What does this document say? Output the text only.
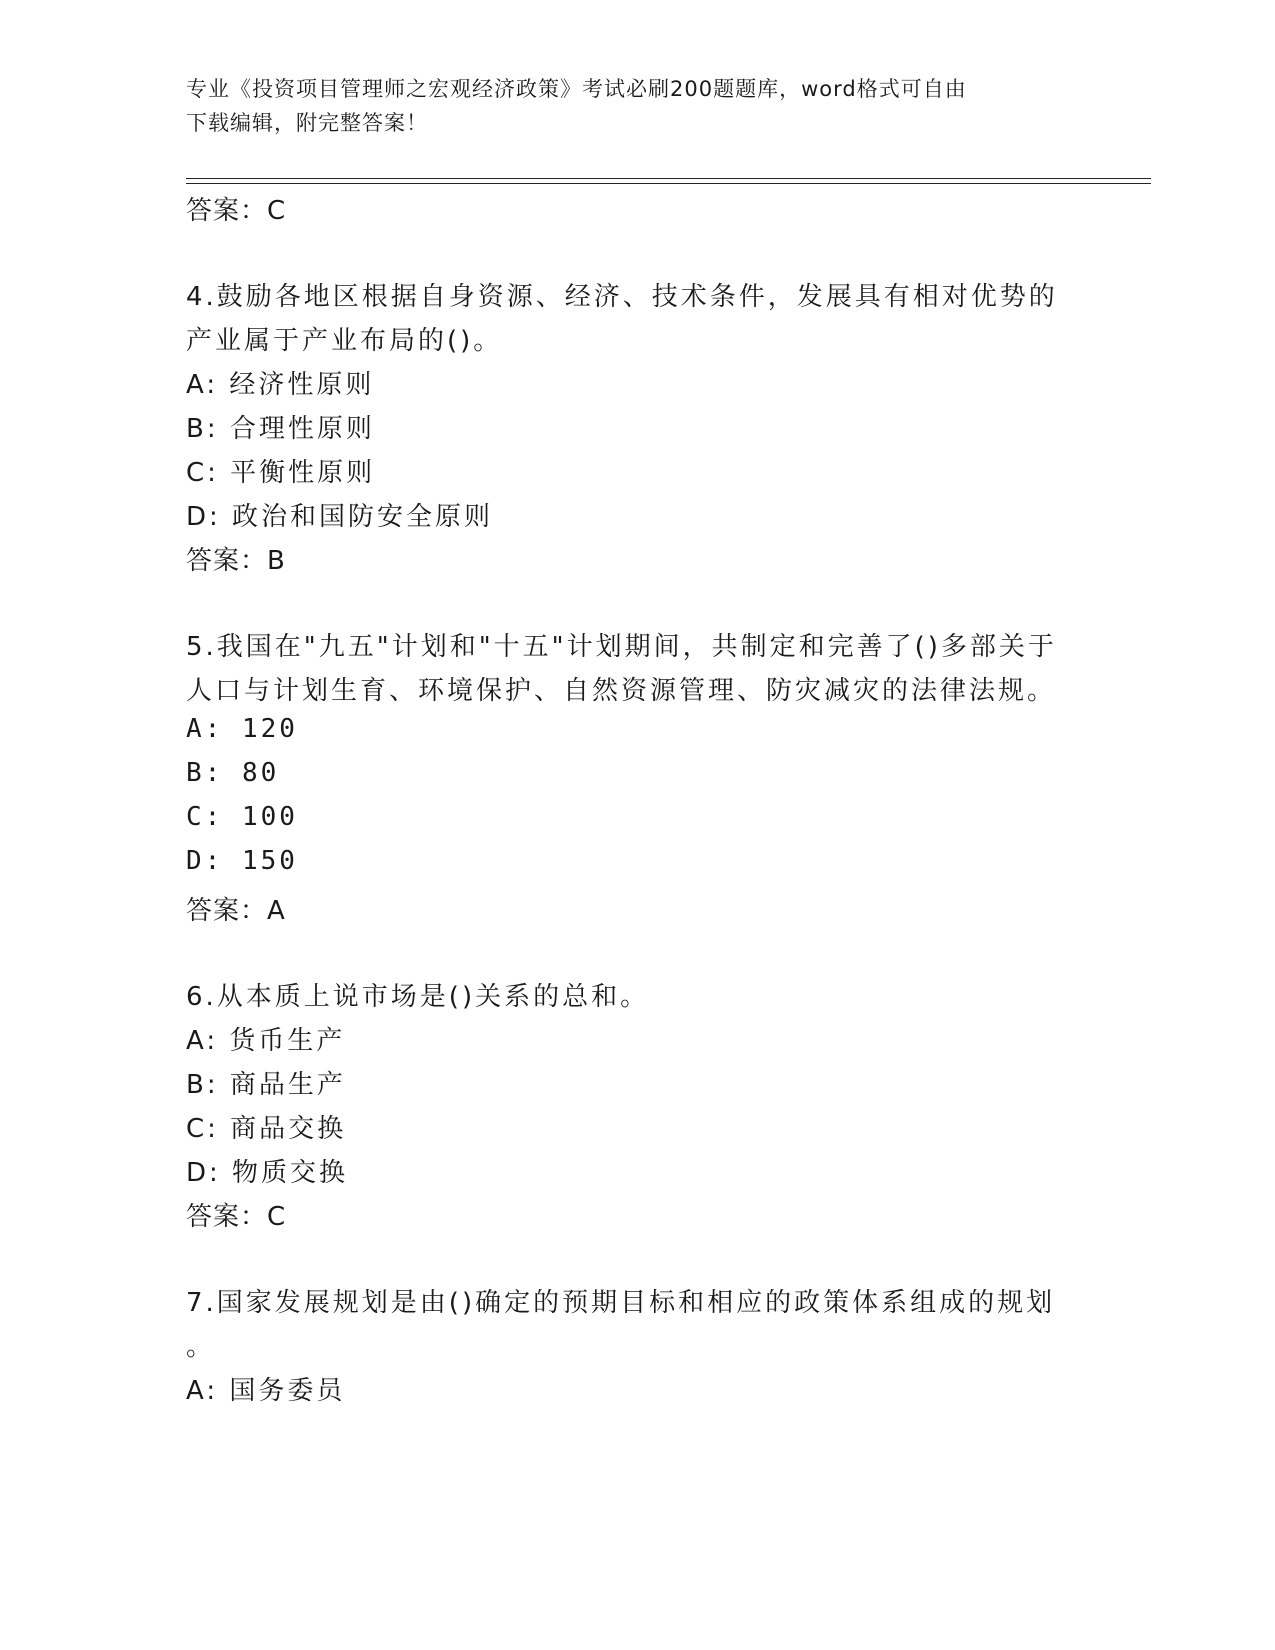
专业《投资项目管理师之宏观经济政策》考试必刷200题题库，word格式可自由
下载编辑，附完整答案！
答案：C
4.鼓励各地区根据自身资源、经济、技术条件，发展具有相对优势的
产业属于产业布局的()。
A: 经济性原则
B: 合理性原则
C: 平衡性原则
D: 政治和国防安全原则
答案：B
5.我国在"九五"计划和"十五"计划期间，共制定和完善了()多部关于
人口与计划生育、环境保护、自然资源管理、防灾减灾的法律法规。
A: 120
B: 80
C: 100
D: 150
答案：A
6.从本质上说市场是()关系的总和。
A: 货币生产
B: 商品生产
C: 商品交换
D: 物质交换
答案：C
7.国家发展规划是由()确定的预期目标和相应的政策体系组成的规划
。
A: 国务委员
